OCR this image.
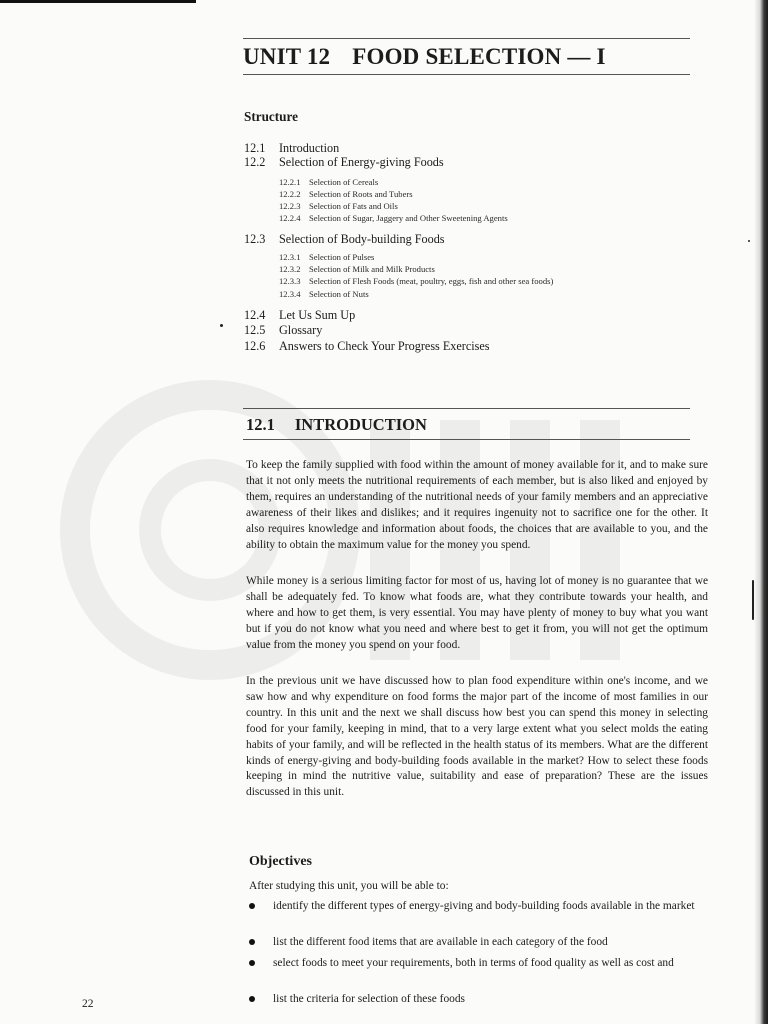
UNIT 12 FOOD SELECTION — I
Structure
12.1 Introduction
12.2 Selection of Energy-giving Foods
12.2.1 Selection of Cereals
12.2.2 Selection of Roots and Tubers
12.2.3 Selection of Fats and Oils
12.2.4 Selection of Sugar, Jaggery and Other Sweetening Agents
12.3 Selection of Body-building Foods
12.3.1 Selection of Pulses
12.3.2 Selection of Milk and Milk Products
12.3.3 Selection of Flesh Foods (meat, poultry, eggs, fish and other sea foods)
12.3.4 Selection of Nuts
12.4 Let Us Sum Up
12.5 Glossary
12.6 Answers to Check Your Progress Exercises
12.1 INTRODUCTION
To keep the family supplied with food within the amount of money available for it, and to make sure that it not only meets the nutritional requirements of each member, but is also liked and enjoyed by them, requires an understanding of the nutritional needs of your family members and an appreciative awareness of their likes and dislikes; and it requires ingenuity not to sacrifice one for the other. It also requires knowledge and information about foods, the choices that are available to you, and the ability to obtain the maximum value for the money you spend.
While money is a serious limiting factor for most of us, having lot of money is no guarantee that we shall be adequately fed. To know what foods are, what they contribute towards your health, and where and how to get them, is very essential. You may have plenty of money to buy what you want but if you do not know what you need and where best to get it from, you will not get the optimum value from the money you spend on your food.
In the previous unit we have discussed how to plan food expenditure within one's income, and we saw how and why expenditure on food forms the major part of the income of most families in our country. In this unit and the next we shall discuss how best you can spend this money in selecting food for your family, keeping in mind, that to a very large extent what you select molds the eating habits of your family, and will be reflected in the health status of its members. What are the different kinds of energy-giving and body-building foods available in the market? How to select these foods keeping in mind the nutritive value, suitability and ease of preparation? These are the issues discussed in this unit.
Objectives
After studying this unit, you will be able to:
identify the different types of energy-giving and body-building foods available in the market
list the different food items that are available in each category of the food
select foods to meet your requirements, both in terms of food quality as well as cost and
list the criteria for selection of these foods
22
